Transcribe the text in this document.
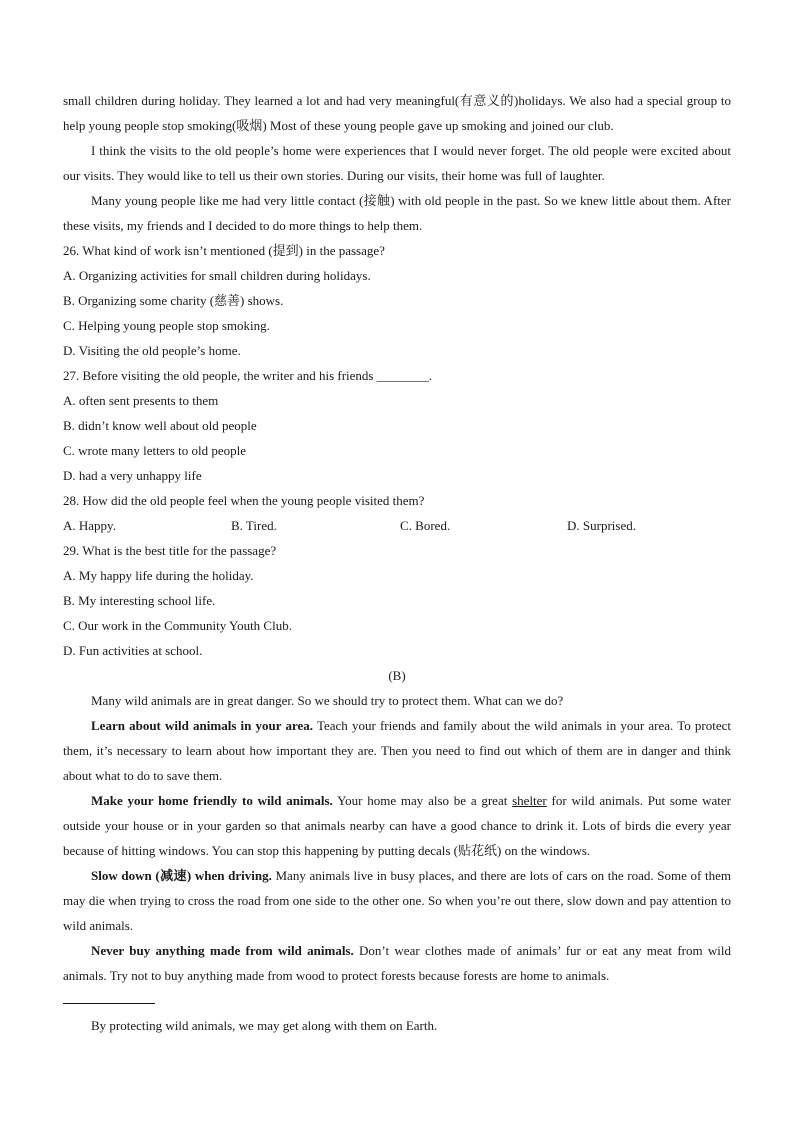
small children during holiday. They learned a lot and had very meaningful(有意义的)holidays. We also had a special group to help young people stop smoking(吸烟) Most of these young people gave up smoking and joined our club.

I think the visits to the old people’s home were experiences that I would never forget. The old people were excited about our visits. They would like to tell us their own stories. During our visits, their home was full of laughter.

Many young people like me had very little contact (接触) with old people in the past. So we knew little about them. After these visits, my friends and I decided to do more things to help them.

26. What kind of work isn’t mentioned (提到) in the passage?

A. Organizing activities for small children during holidays.

B. Organizing some charity (慈善) shows.

C. Helping young people stop smoking.

D. Visiting the old people’s home.

27. Before visiting the old people, the writer and his friends ________.

A. often sent presents to them

B. didn’t know well about old people

C. wrote many letters to old people

D. had a very unhappy life

28. How did the old people feel when the young people visited them?

A. Happy.	B. Tired.	C. Bored.	D. Surprised.

29. What is the best title for the passage?

A. My happy life during the holiday.

B. My interesting school life.

C. Our work in the Community Youth Club.

D. Fun activities at school.

(B)

Many wild animals are in great danger. So we should try to protect them. What can we do?

Learn about wild animals in your area. Teach your friends and family about the wild animals in your area. To protect them, it’s necessary to learn about how important they are. Then you need to find out which of them are in danger and think about what to do to save them.

Make your home friendly to wild animals. Your home may also be a great shelter for wild animals. Put some water outside your house or in your garden so that animals nearby can have a good chance to drink it. Lots of birds die every year because of hitting windows. You can stop this happening by putting decals (贴花纸) on the windows.

Slow down (减速) when driving. Many animals live in busy places, and there are lots of cars on the road. Some of them may die when trying to cross the road from one side to the other one. So when you’re out there, slow down and pay attention to wild animals.

Never buy anything made from wild animals. Don’t wear clothes made of animals’ fur or eat any meat from wild animals. Try not to buy anything made from wood to protect forests because forests are home to animals.

By protecting wild animals, we may get along with them on Earth.
